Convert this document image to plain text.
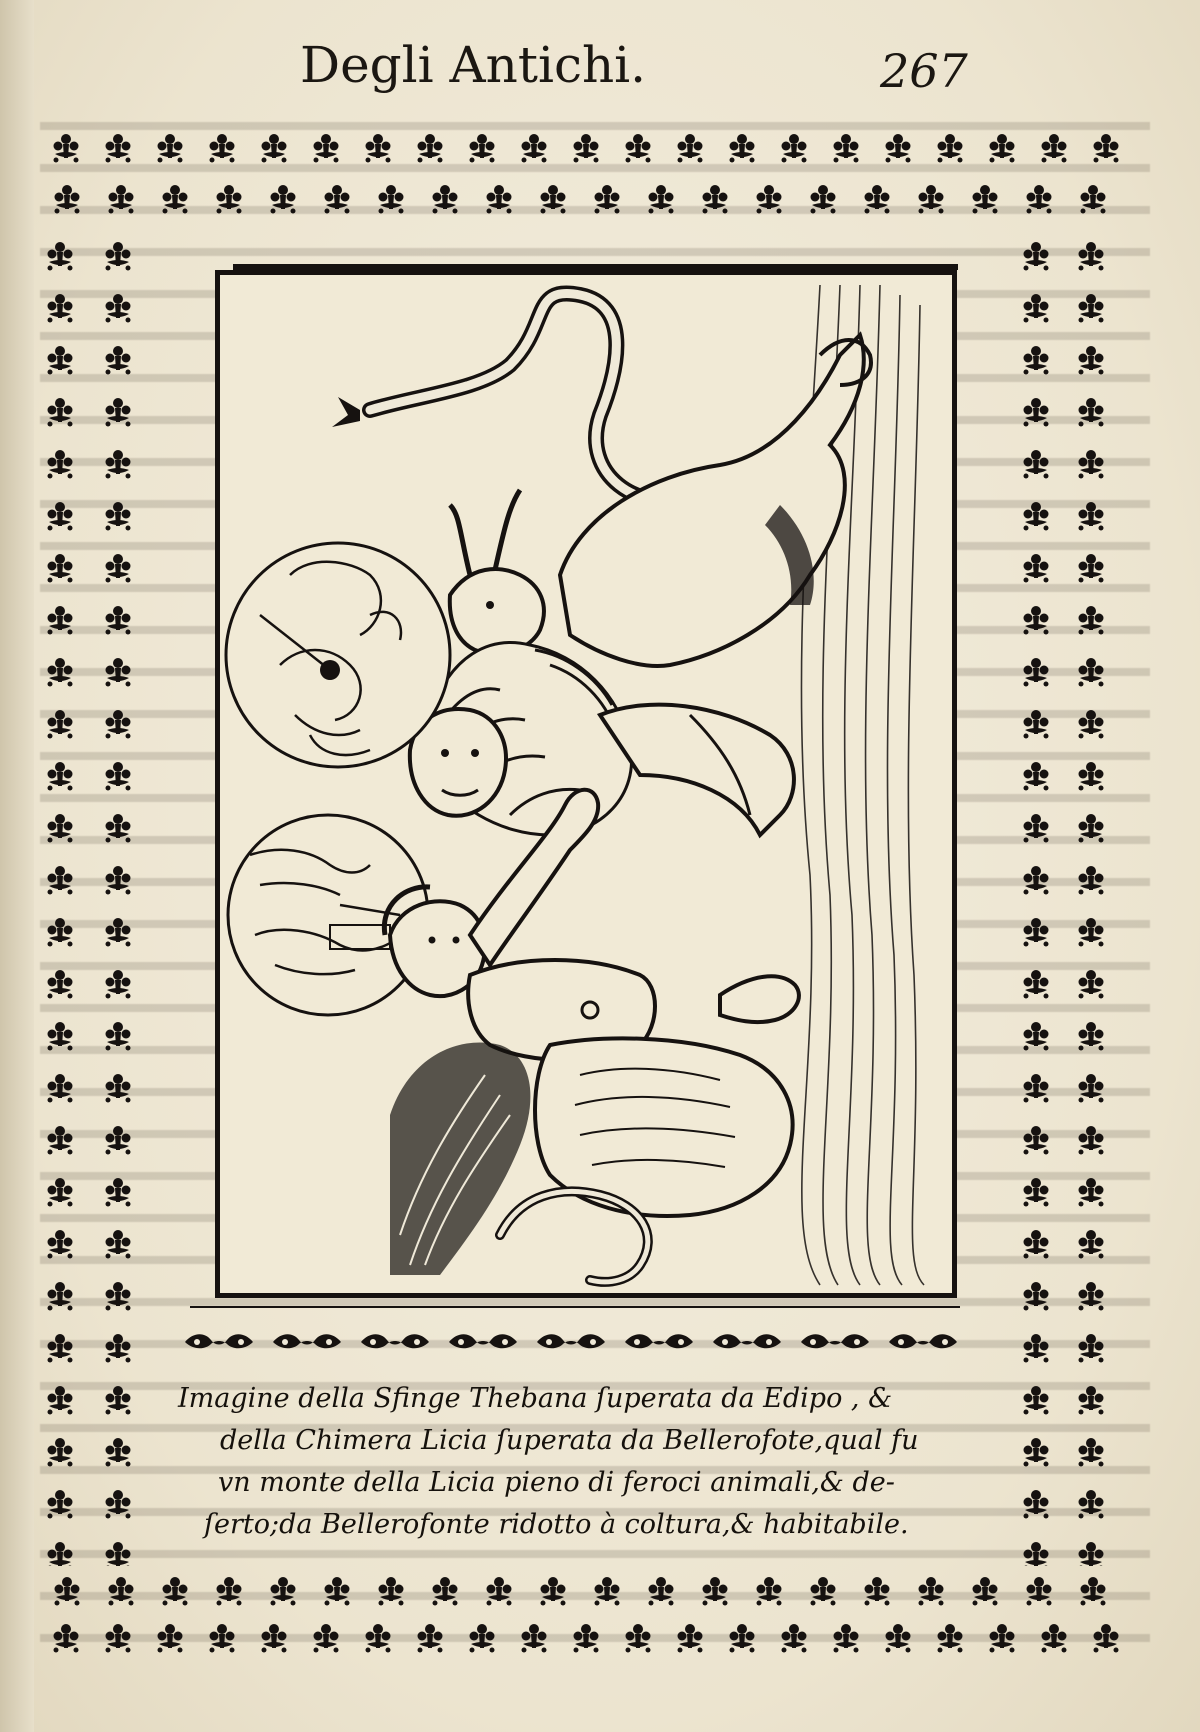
Degli Antichi.	267
Imagine della Sfinge Thebana ſuperata da Edipo , &
della Chimera Licia ſuperata da Bellerofote,qual fu
vn monte della Licia pieno di feroci animali,& de-
ſerto;da Bellerofonte ridotto à coltura,& habitabile.
